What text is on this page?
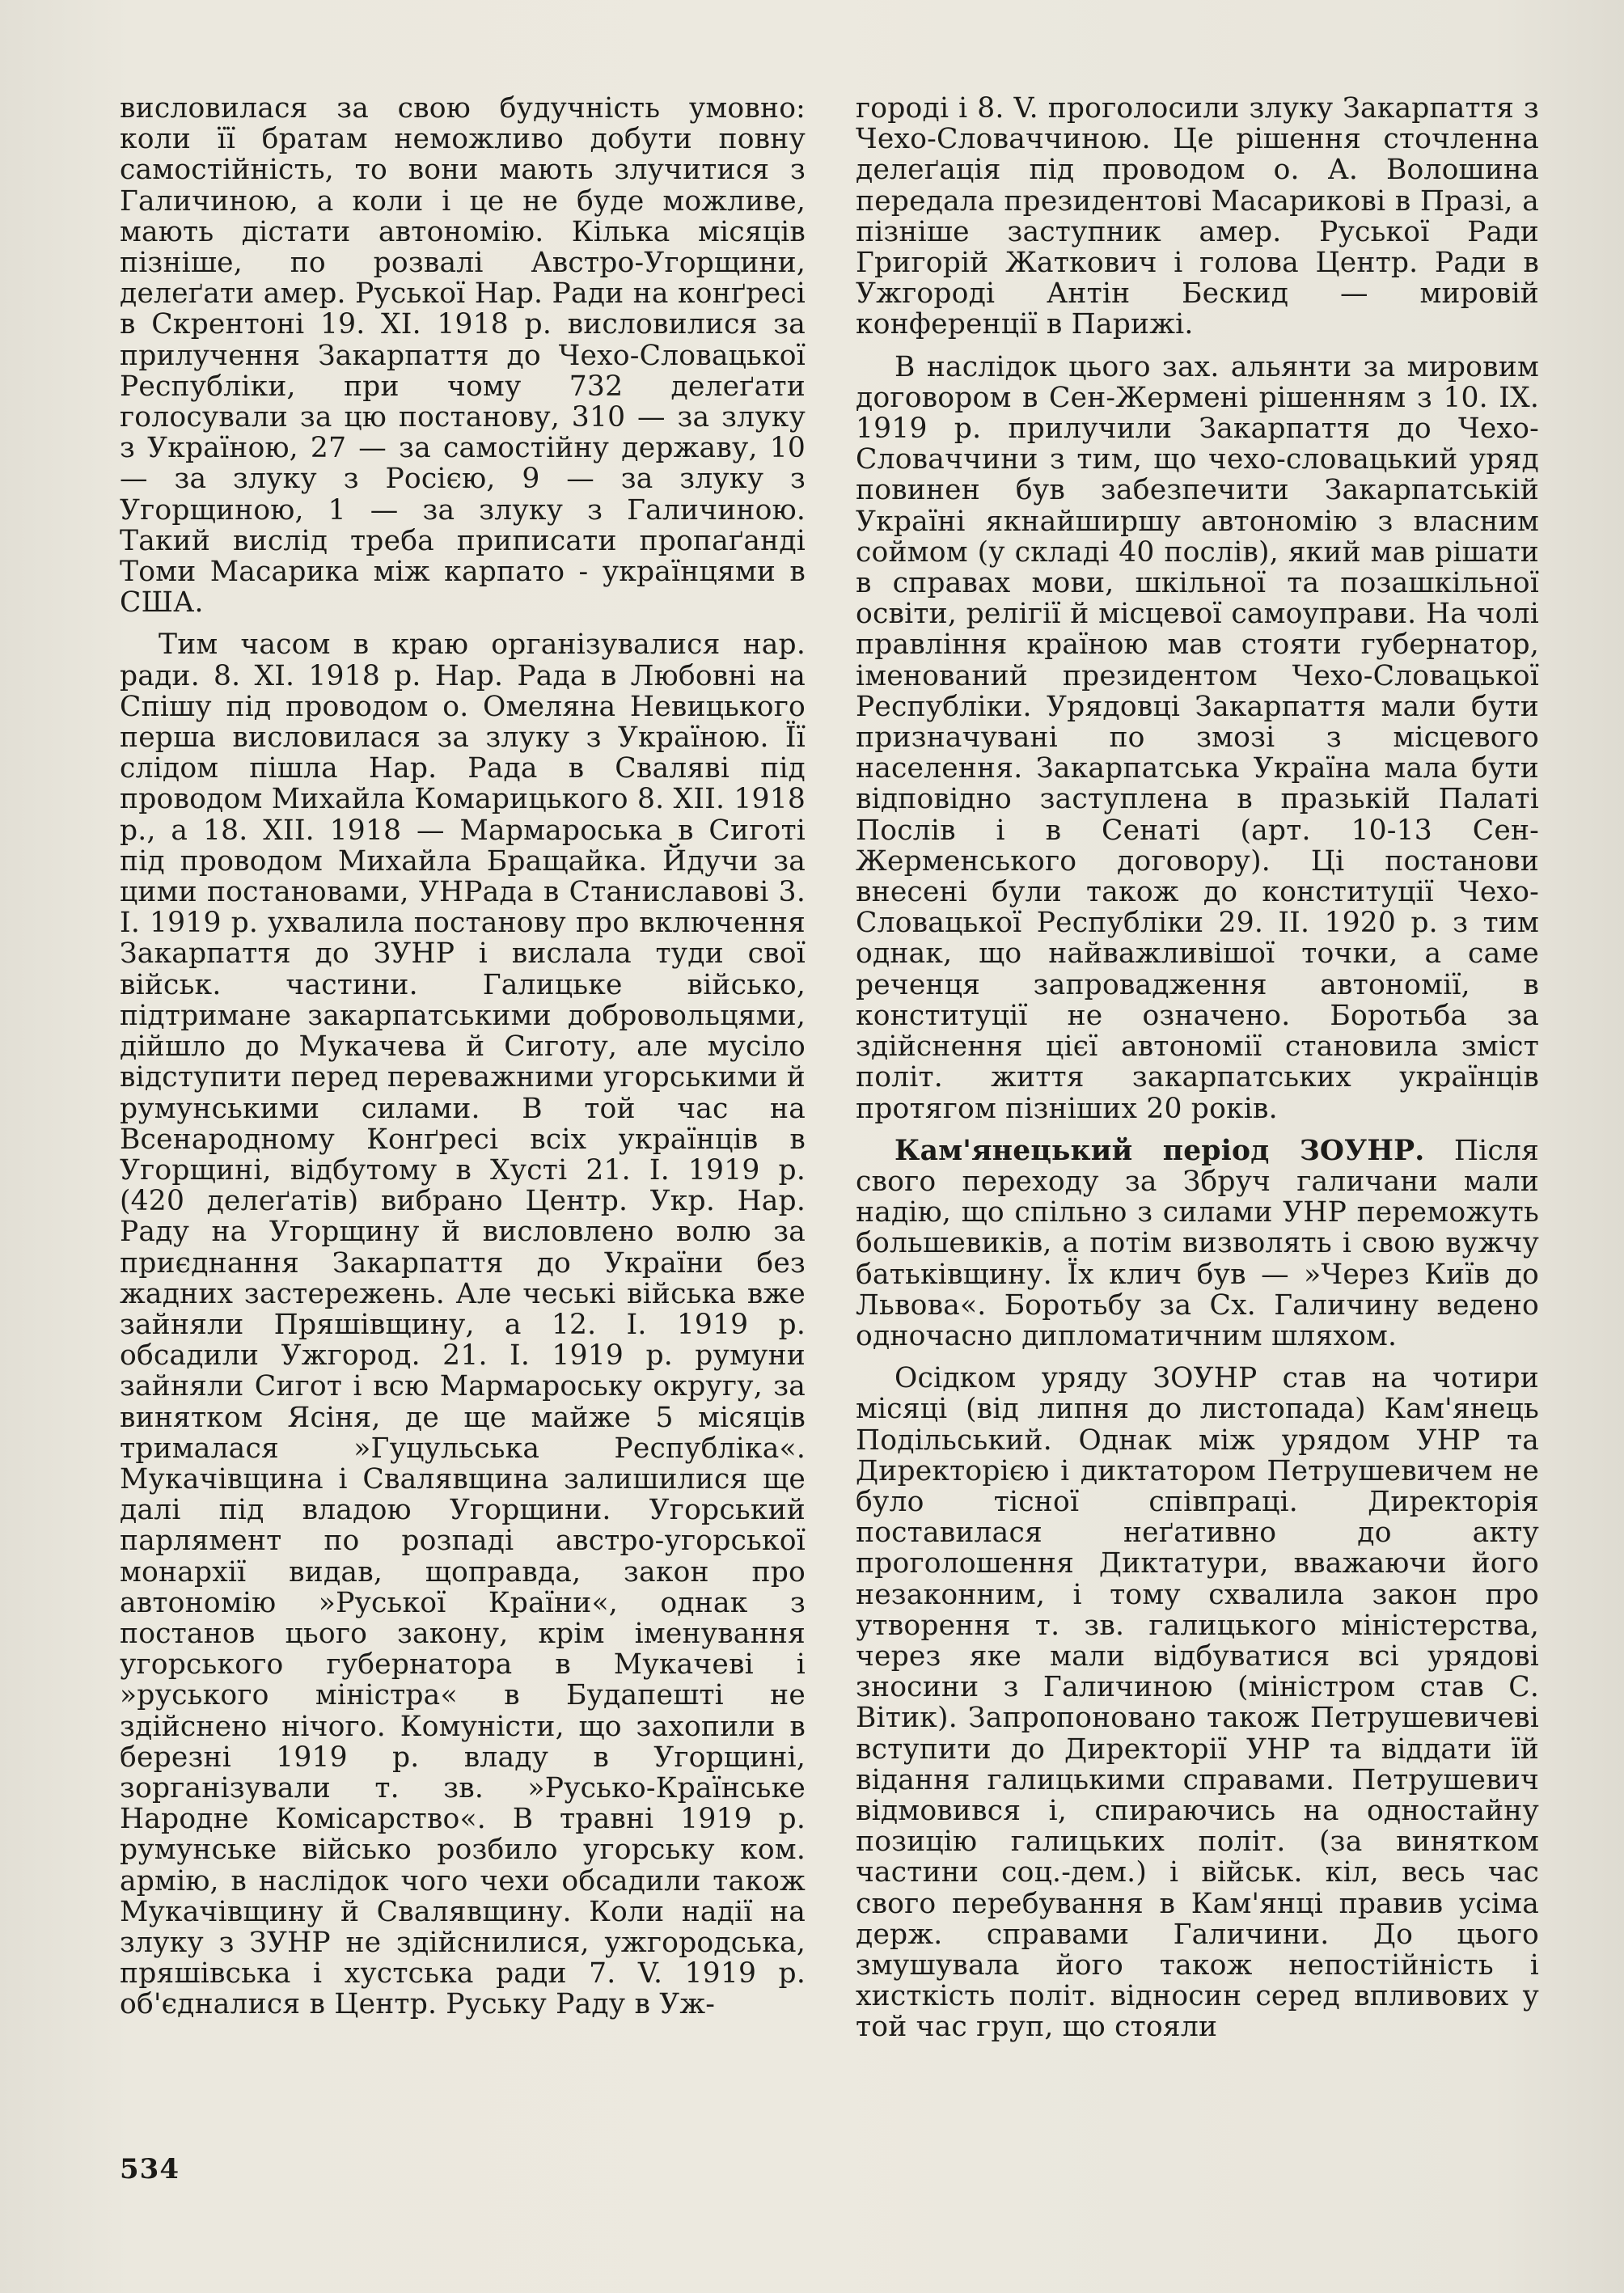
висловилася за свою будучність умовно: коли її братам неможливо добути повну самостійність, то вони мають злучитися з Галичиною, а коли і це не буде можливе, мають дістати автономію. Кілька місяців пізніше, по розвалі Австро-Угорщини, делеґати амер. Руської Нар. Ради на конґресі в Скрентоні 19. XI. 1918 р. висловилися за прилучення Закарпаття до Чехо-Словацької Республіки, при чому 732 делеґати голосували за цю постанову, 310 — за злуку з Україною, 27 — за самостійну державу, 10 — за злуку з Росією, 9 — за злуку з Угорщиною, 1 — за злуку з Галичиною. Такий вислід треба приписати пропаґанді Томи Масарика між карпато - українцями в США.

Тим часом в краю організувалися нар. ради. 8. XI. 1918 р. Нар. Рада в Любовні на Спішу під проводом о. Омеляна Невицького перша висловилася за злуку з Україною. Її слідом пішла Нар. Рада в Сваляві під проводом Михайла Комарицького 8. XII. 1918 р., а 18. XII. 1918 — Мармароська в Сиготі під проводом Михайла Бращайка. Йдучи за цими постановами, УНРада в Станиславові 3. I. 1919 р. ухвалила постанову про включення Закарпаття до ЗУНР і вислала туди свої військ. частини. Галицьке військо, підтримане закарпатськими добровольцями, дійшло до Мукачева й Сиготу, але мусіло відступити перед переважними угорськими й румунськими силами. В той час на Всенародному Конґресі всіх українців в Угорщині, відбутому в Хусті 21. I. 1919 р. (420 делеґатів) вибрано Центр. Укр. Нар. Раду на Угорщину й висловлено волю за приєднання Закарпаття до України без жадних застережень. Але чеські війська вже зайняли Пряшівщину, а 12. I. 1919 р. обсадили Ужгород. 21. I. 1919 р. румуни зайняли Сигот і всю Мармароську округу, за винятком Ясіня, де ще майже 5 місяців трималася »Гуцульська Республіка«. Мукачівщина і Свалявщина залишилися ще далі під владою Угорщини. Угорський парлямент по розпаді австро-угорської монархії видав, щоправда, закон про автономію »Руської Країни«, однак з постанов цього закону, крім іменування угорського губернатора в Мукачеві і »руського міністра« в Будапешті не здійснено нічого. Комуністи, що захопили в березні 1919 р. владу в Угорщині, зорганізували т. зв. »Русько-Країнське Народне Комісарство«. В травні 1919 р. румунське військо розбило угорську ком. армію, в наслідок чого чехи обсадили також Мукачівщину й Свалявщину. Коли надії на злуку з ЗУНР не здійснилися, ужгородська, пряшівська і хустська ради 7. V. 1919 р. об'єдналися в Центр. Руську Раду в Уж-

городі і 8. V. проголосили злуку Закарпаття з Чехо-Словаччиною. Це рішення сточленна делеґація під проводом о. А. Волошина передала президентові Масарикові в Празі, а пізніше заступник амер. Руської Ради Григорій Жаткович і голова Центр. Ради в Ужгороді Антін Бескид — мировій конференції в Парижі.

В наслідок цього зах. альянти за мировим договором в Сен-Жермені рішенням з 10. IX. 1919 р. прилучили Закарпаття до Чехо-Словаччини з тим, що чехо-словацький уряд повинен був забезпечити Закарпатській Україні якнайширшу автономію з власним соймом (у складі 40 послів), який мав рішати в справах мови, шкільної та позашкільної освіти, релігії й місцевої самоуправи. На чолі правління країною мав стояти губернатор, іменований президентом Чехо-Словацької Республіки. Урядовці Закарпаття мали бути призначувані по змозі з місцевого населення. Закарпатська Україна мала бути відповідно заступлена в празькій Палаті Послів і в Сенаті (арт. 10-13 Сен-Жерменського договору). Ці постанови внесені були також до конституції Чехо-Словацької Республіки 29. II. 1920 р. з тим однак, що найважливішої точки, а саме реченця запровадження автономії, в конституції не означено. Боротьба за здійснення цієї автономії становила зміст політ. життя закарпатських українців протягом пізніших 20 років.

Кам'янецький період ЗОУНР. Після свого переходу за Збруч галичани мали надію, що спільно з силами УНР переможуть большевиків, а потім визволять і свою вужчу батьківщину. Їх клич був — »Через Київ до Львова«. Боротьбу за Сх. Галичину ведено одночасно дипломатичним шляхом.

Осідком уряду ЗОУНР став на чотири місяці (від липня до листопада) Кам'янець Подільський. Однак між урядом УНР та Директорією і диктатором Петрушевичем не було тісної співпраці. Директорія поставилася неґативно до акту проголошення Диктатури, вважаючи його незаконним, і тому схвалила закон про утворення т. зв. галицького міністерства, через яке мали відбуватися всі урядові зносини з Галичиною (міністром став С. Вітик). Запропоновано також Петрушевичеві вступити до Директорії УНР та віддати їй відання галицькими справами. Петрушевич відмовився і, спираючись на одностайну позицію галицьких політ. (за винятком частини соц.-дем.) і військ. кіл, весь час свого перебування в Кам'янці правив усіма держ. справами Галичини. До цього змушувала його також непостійність і хисткість політ. відносин серед впливових у той час груп, що стояли

534
